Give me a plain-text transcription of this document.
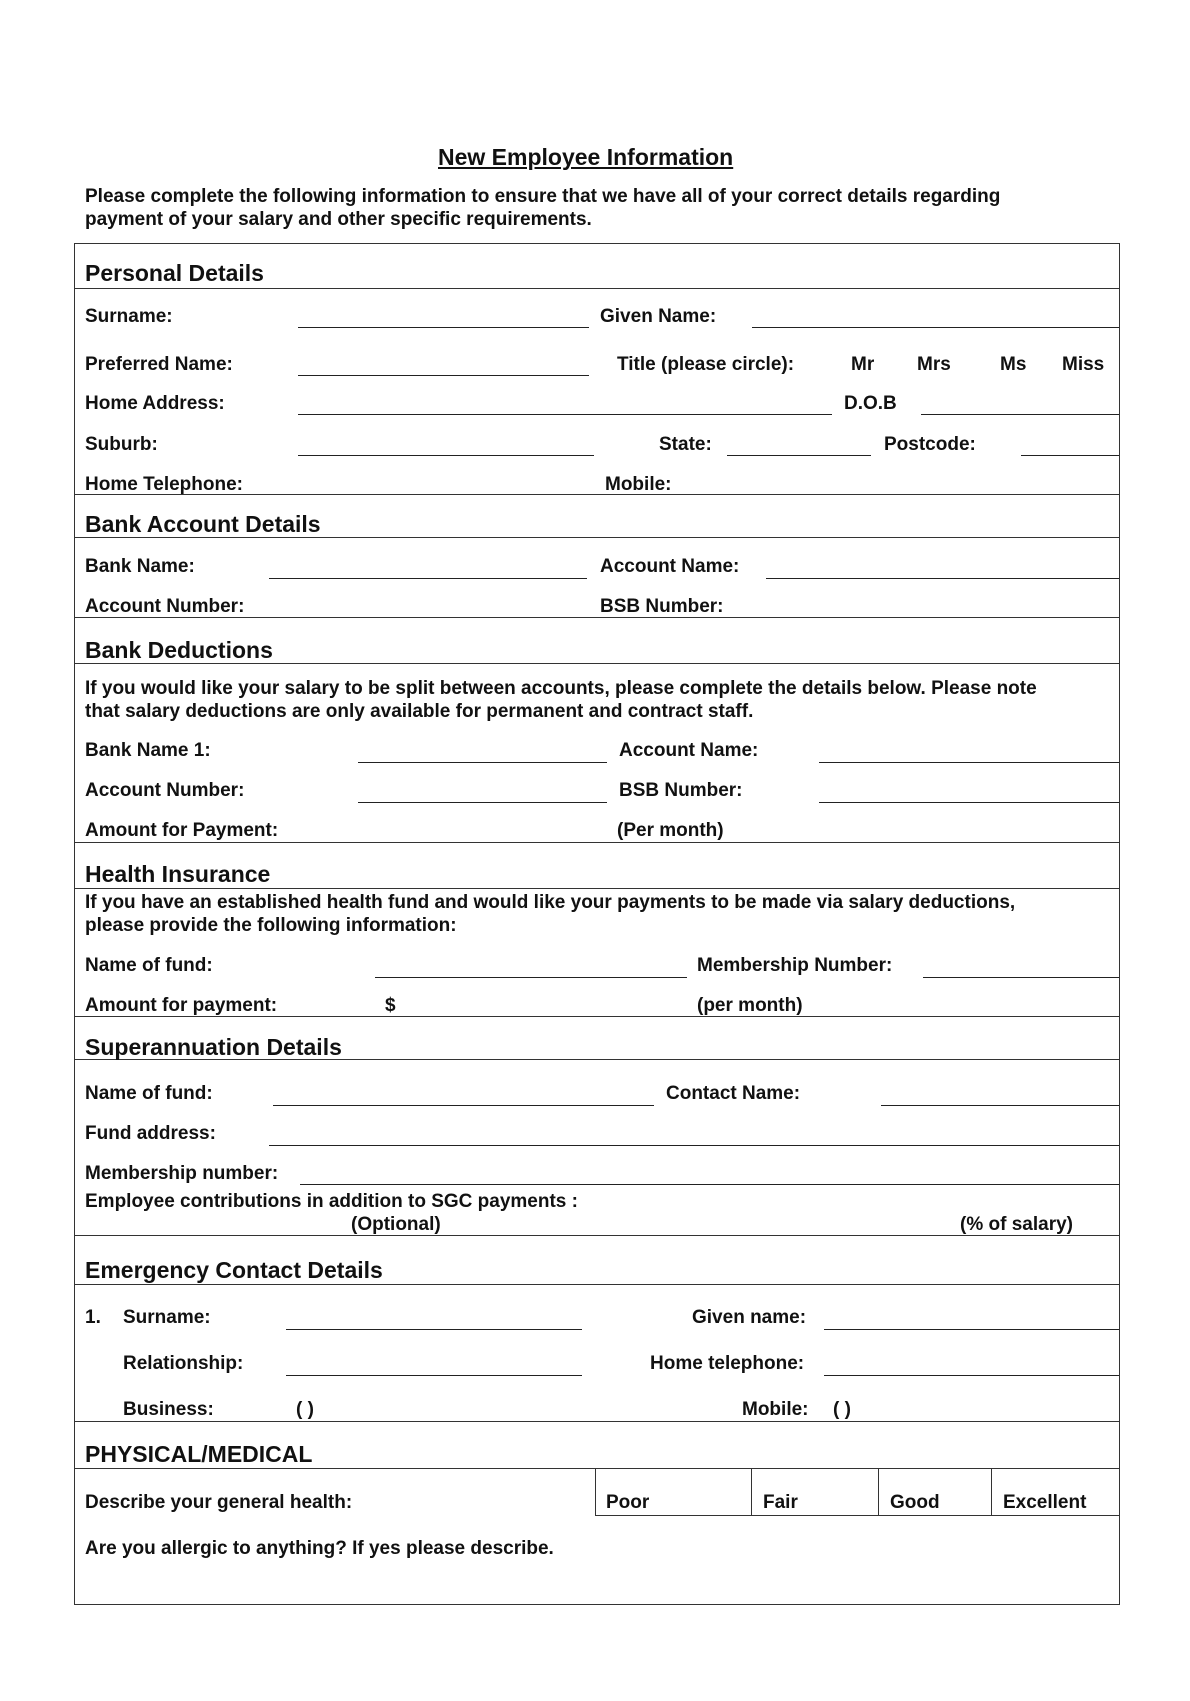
New Employee Information
Please complete the following information to ensure that we have all of your correct details regarding
payment of your salary and other specific requirements.
Personal Details
Surname:	Given Name:
Preferred Name:	Title (please circle):	Mr Mrs	Ms Miss
Home Address:	D.O.B
Suburb:	State:	Postcode:
Home Telephone:	Mobile:
Bank Account Details
Bank Name:	Account Name:
Account Number:	BSB Number:
Bank Deductions
If you would like your salary to be split between accounts, please complete the details below. Please note
that salary deductions are only available for permanent and contract staff.
Bank Name 1:	Account Name:
Account Number:	BSB Number:
Amount for Payment:	(Per month)
Health Insurance
If you have an established health fund and would like your payments to be made via salary deductions,
please provide the following information:
Name of fund:	Membership Number:
Amount for payment:	$	(per month)
Superannuation Details
Name of fund:	Contact Name:
Fund address:
Membership number:
Employee contributions in addition to SGC payments :
(Optional)	(% of salary)
Emergency Contact Details
1. Surname:	Given name:
Relationship:	Home telephone:
Business:	( )	Mobile: ( )
PHYSICAL/MEDICAL
Describe your general health:	Poor	Fair	Good	Excellent
Are you allergic to anything? If yes please describe.
